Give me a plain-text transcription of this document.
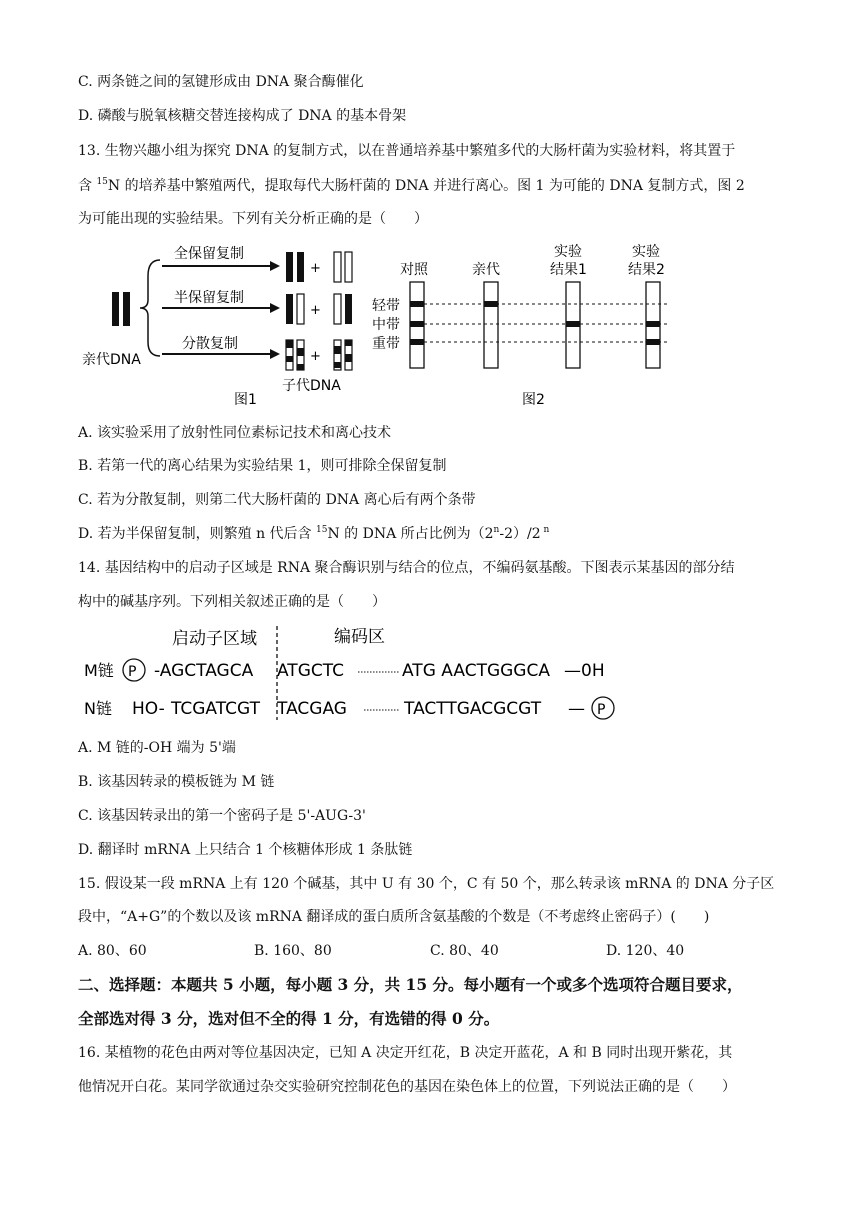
C. 两条链之间的氢键形成由 DNA 聚合酶催化
D. 磷酸与脱氧核糖交替连接构成了 DNA 的基本骨架
13. 生物兴趣小组为探究 DNA 的复制方式，以在普通培养基中繁殖多代的大肠杆菌为实验材料，将其置于
含 $^{15}$N 的培养基中繁殖两代，提取每代大肠杆菌的 DNA 并进行离心。图 1 为可能的 DNA 复制方式，图 2
为可能出现的实验结果。下列有关分析正确的是（　　）
亲代DNA
全保留复制
半保留复制
分散复制
+
+
+
子代DNA
图1
对照	亲代
实验
结果1
实验
结果2
轻带
中带
重带
图2
A. 该实验采用了放射性同位素标记技术和离心技术
B. 若第一代的离心结果为实验结果 1，则可排除全保留复制
C. 若为分散复制，则第二代大肠杆菌的 DNA 离心后有两个条带
D. 若为半保留复制，则繁殖 n 代后含 $^{15}$N 的 DNA 所占比例为（2$^n$-2）/2 $^n$
14. 基因结构中的启动子区域是 RNA 聚合酶识别与结合的位点，不编码氨基酸。下图表示某基因的部分结
构中的碱基序列。下列相关叙述正确的是（　　）
启动子区域	编码区
M链 P -AGCTAGCA ATGCTC	ATG AACTGGGCA —0H
N链 HO- TCGATCGT TACGAG	TACTTGACGCGT — P
A. M 链的-OH 端为 5'端
B. 该基因转录的模板链为 M 链
C. 该基因转录出的第一个密码子是 5'-AUG-3'
D. 翻译时 mRNA 上只结合 1 个核糖体形成 1 条肽链
15. 假设某一段 mRNA 上有 120 个碱基，其中 U 有 30 个，C 有 50 个，那么转录该 mRNA 的 DNA 分子区
段中，“A+G”的个数以及该 mRNA 翻译成的蛋白质所含氨基酸的个数是（不考虑终止密码子）(　　)
A. 80、60	B. 160、80	C. 80、40	D. 120、40
二、选择题：本题共 5 小题，每小题 3 分，共 15 分。每小题有一个或多个选项符合题目要求，
全部选对得 3 分，选对但不全的得 1 分，有选错的得 0 分。
16. 某植物的花色由两对等位基因决定，已知 A 决定开红花，B 决定开蓝花，A 和 B 同时出现开紫花，其
他情况开白花。某同学欲通过杂交实验研究控制花色的基因在染色体上的位置，下列说法正确的是（　　）
